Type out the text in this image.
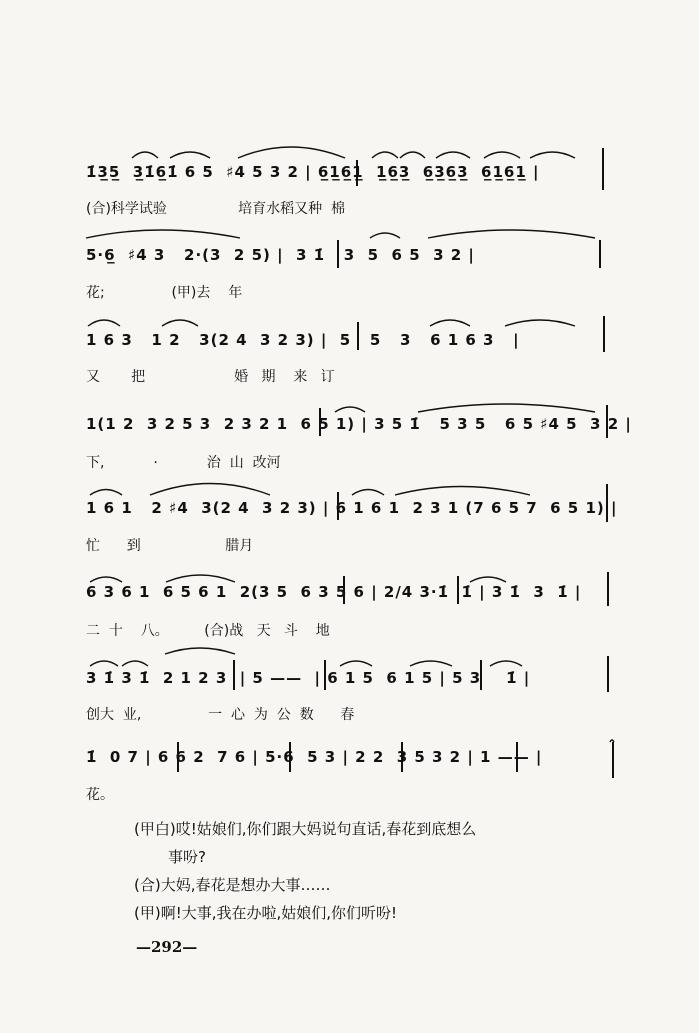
1̇3̲5̲  3̲1̇6̲1̇ 6 5  ♯4 5 3 2 | 6̲1̲6̲1̲  1̲6̲3̲  6̲3̲6̲3̲  6̲1̲6̲1̲ |
(合)科学试验                培育水稻又种  棉
5·6̲  ♯4 3   2·(3  2 5) |  3 1̇   3  5  6 5  3 2 |
花;               (甲)去    年
1 6 3   1 2   3(2 4  3 2 3) |  5   5   3   6 1 6 3   |
又       把                    婚   期    来   订
1(1 2  3 2 5 3  2 3 2 1  6 5 1) | 3 5 1̇   5 3 5   6 5 ♯4 5  3 2 |
下,           ·           治  山  改河
1 6 1   2 ♯4  3(2 4  3 2 3) | 6 1 6 1  2 3 1 (7 6 5 7  6 5 1) |
忙      到                   腊月
6 3 6 1  6 5 6 1  2(3 5  6 3 5 6 | 2/4 3·1̇  1̇ | 3 1̇  3  1̇ |
二  十    八。        (合)战   天   斗    地
3 1̇ 3 1̇  2 1 2 3  | 5 ——  | 6 1 5  6 1 5 | 5 3    1̇ |
创大  业,               一  心  为  公  数      春
1̇  0 7 | 6 6 2  7 6 | 5·6  5 3 | 2 2  3 5 3 2 | 1 —— |
花。
(甲白)哎!姑娘们,你们跟大妈说句直话,春花到底想么
事吩?
(合)大妈,春花是想办大事……
(甲)啊!大事,我在办啦,姑娘们,你们听吩!
—292—
